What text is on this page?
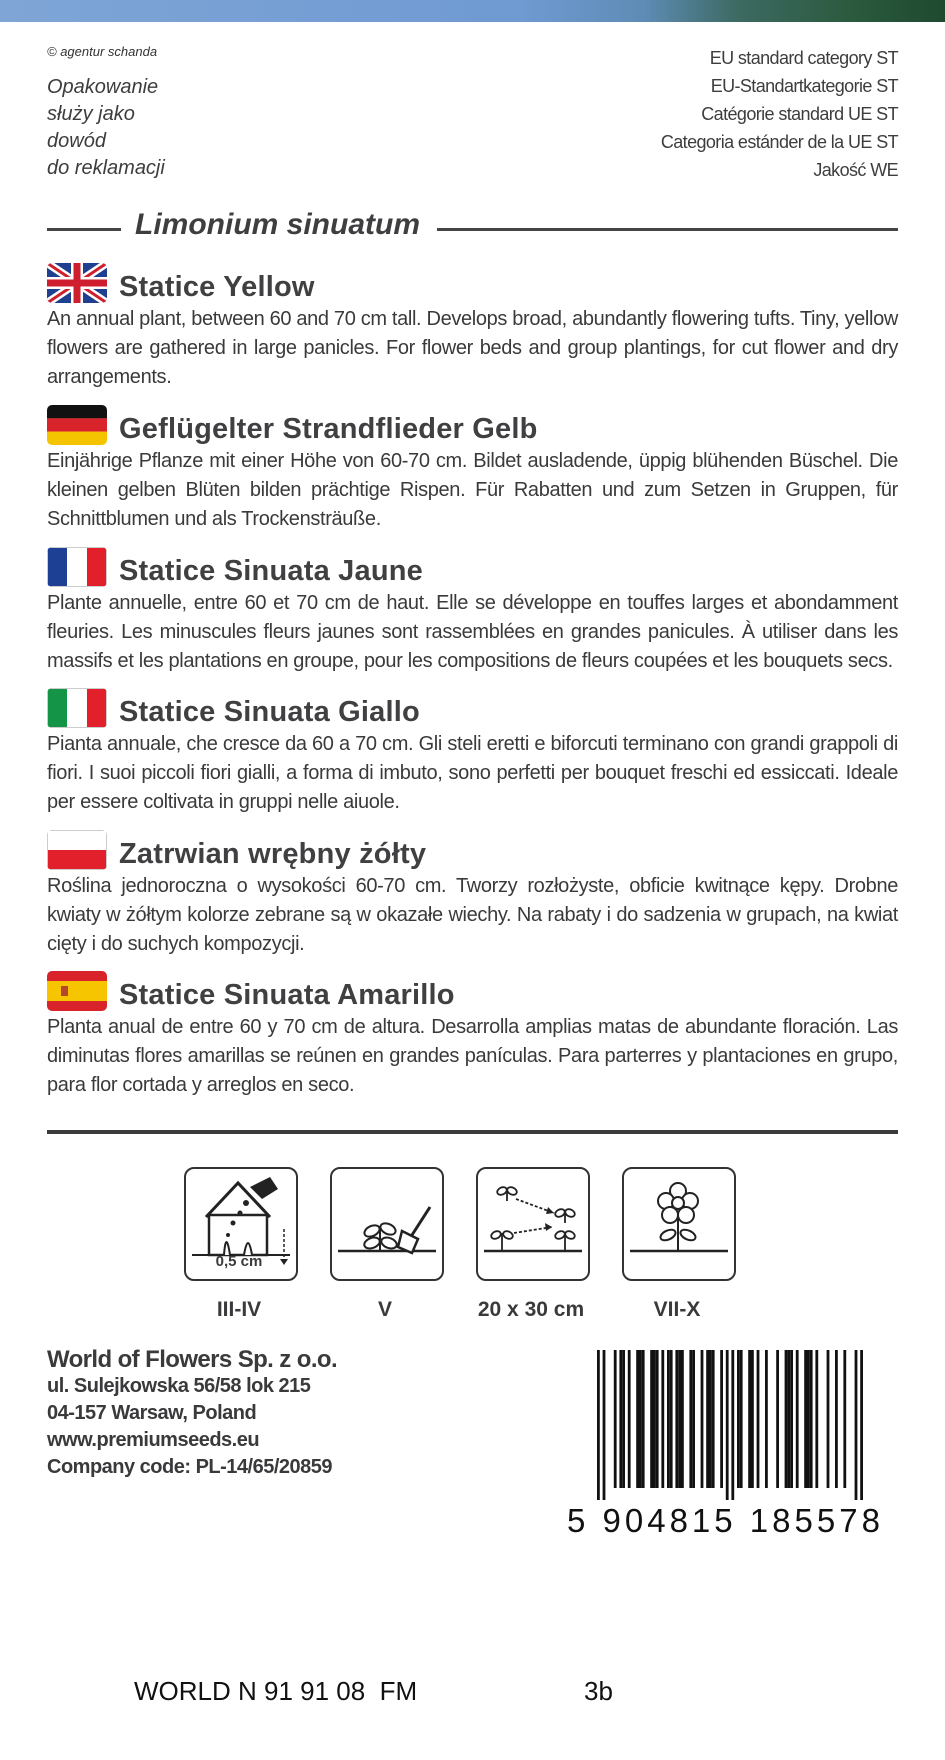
© agentur schanda
Opakowanie
służy jako
dowód
do reklamacji
EU standard category ST
EU-Standartkategorie ST
Catégorie standard UE ST
Categoria estánder de la UE ST
Jakość WE
Limonium sinuatum
Statice Yellow
An annual plant, between 60 and 70 cm tall. Develops broad, abundantly flowering tufts. Tiny, yellow flowers are gathered in large panicles. For flower beds and group plantings, for cut flower and dry arrangements.
Geflügelter Strandflieder Gelb
Einjährige Pflanze mit einer Höhe von 60-70 cm. Bildet ausladende, üppig blühenden Büschel. Die kleinen gelben Blüten bilden prächtige Rispen. Für Rabatten und zum Setzen in Gruppen, für Schnittblumen und als Trockensträuße.
Statice Sinuata Jaune
Plante annuelle, entre 60 et 70 cm de haut. Elle se développe en touffes larges et abondamment fleuries. Les minuscules fleurs jaunes sont rassemblées en grandes panicules. À utiliser dans les massifs et les plantations en groupe, pour les compositions de fleurs coupées et les bouquets secs.
Statice Sinuata Giallo
Pianta annuale, che cresce da 60 a 70 cm. Gli steli eretti e biforcuti terminano con grandi grappoli di fiori. I suoi piccoli fiori gialli, a forma di imbuto, sono perfetti per bouquet freschi ed essiccati. Ideale per essere coltivata in gruppi nelle aiuole.
Zatrwian wrębny żółty
Roślina jednoroczna o wysokości 60-70 cm. Tworzy rozłożyste, obficie kwitnące kępy. Drobne kwiaty w żółtym kolorze zebrane są w okazałe wiechy. Na rabaty i do sadzenia w grupach, na kwiat cięty i do suchych kompozycji.
Statice Sinuata Amarillo
Planta anual de entre 60 y 70 cm de altura. Desarrolla amplias matas de abundante floración. Las diminutas flores amarillas se reúnen en grandes panículas. Para parterres y plantaciones en grupo, para flor cortada y arreglos en seco.
0,5 cm
III-IV	V	20 x 30 cm	VII-X
World of Flowers Sp. z o.o.
ul. Sulejkowska 56/58 lok 215
04-157 Warsaw, Poland
www.premiumseeds.eu
Company code: PL-14/65/20859
5 904815 185578
WORLD N 91 91 08  FM	3b
